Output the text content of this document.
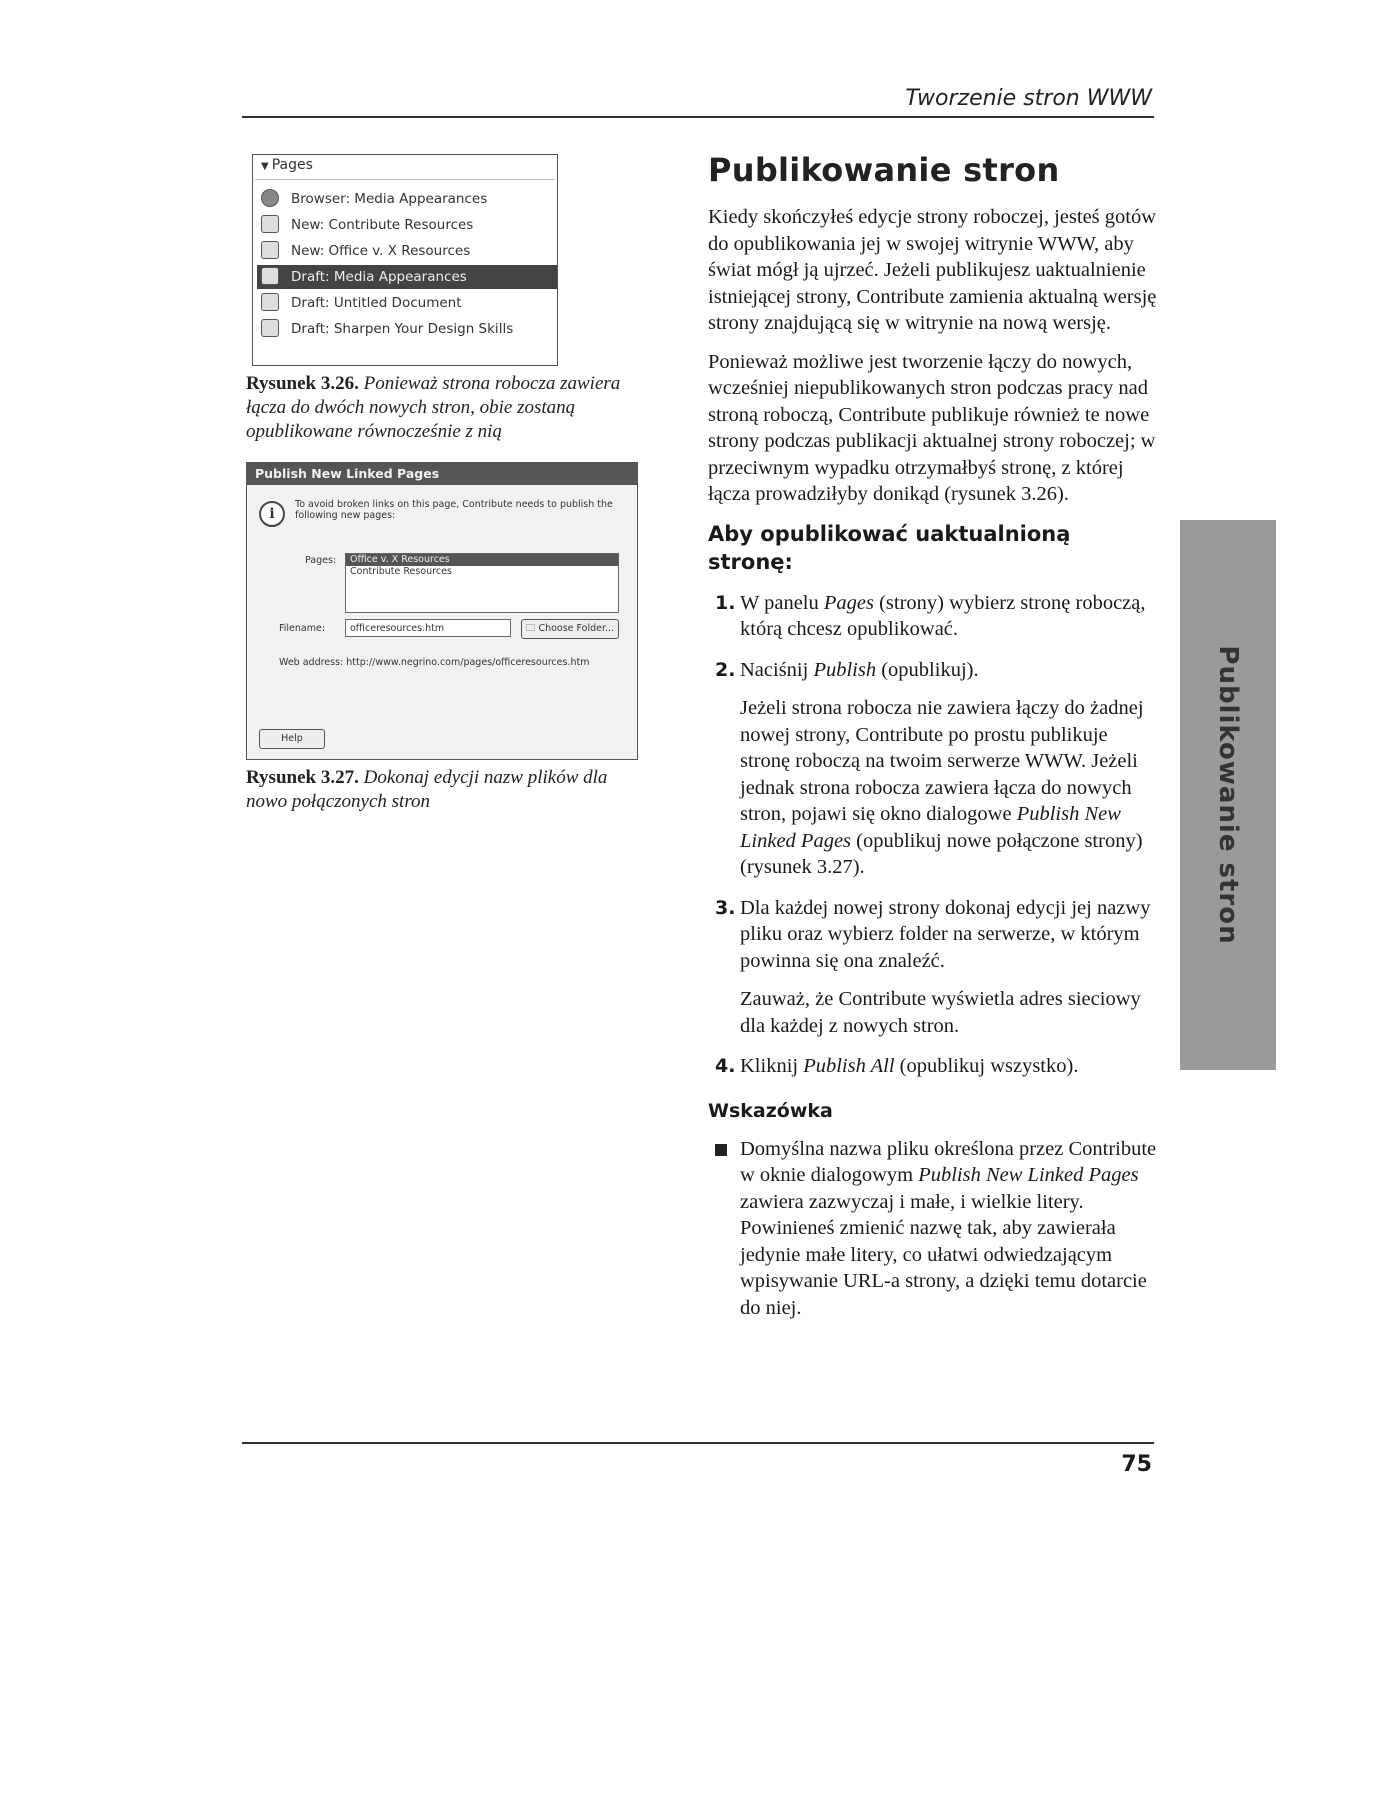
Tworzenie stron WWW
▼ Pages
Browser: Media Appearances
New: Contribute Resources
New: Office v. X Resources
Draft: Media Appearances
Draft: Untitled Document
Draft: Sharpen Your Design Skills
Rysunek 3.26. Ponieważ strona robocza zawiera łącza do dwóch nowych stron, obie zostaną opublikowane równocześnie z nią
Publish New Linked Pages
i
To avoid broken links on this page, Contribute needs to publish the following new pages:
Pages:	Office v. X Resources
Contribute Resources
Filename:	officeresources.htm	🗀 Choose Folder...
Web address: http://www.negrino.com/pages/officeresources.htm
Help
Rysunek 3.27. Dokonaj edycji nazw plików dla nowo połączonych stron
Publikowanie stron

Kiedy skończyłeś edycje strony roboczej, jesteś gotów do opublikowania jej w swojej witrynie WWW, aby świat mógł ją ujrzeć. Jeżeli publikujesz uaktualnienie istniejącej strony, Contribute zamienia aktualną wersję strony znajdującą się w witrynie na nową wersję.

Ponieważ możliwe jest tworzenie łączy do nowych, wcześniej niepublikowanych stron podczas pracy nad stroną roboczą, Contribute publikuje również te nowe strony podczas publikacji aktualnej strony roboczej; w przeciwnym wypadku otrzymałbyś stronę, z której łącza prowadziłyby donikąd (rysunek 3.26).

Aby opublikować uaktualnioną stronę:
1. W panelu Pages (strony) wybierz stronę roboczą, którą chcesz opublikować.

2. Naciśnij Publish (opublikuj).

Jeżeli strona robocza nie zawiera łączy do żadnej nowej strony, Contribute po prostu publikuje stronę roboczą na twoim serwerze WWW. Jeżeli jednak strona robocza zawiera łącza do nowych stron, pojawi się okno dialogowe Publish New Linked Pages (opublikuj nowe połączone strony) (rysunek 3.27).

3. Dla każdej nowej strony dokonaj edycji jej nazwy pliku oraz wybierz folder na serwerze, w którym powinna się ona znaleźć.

Zauważ, że Contribute wyświetla adres sieciowy dla każdej z nowych stron.

4. Kliknij Publish All (opublikuj wszystko).

Wskazówka

Domyślna nazwa pliku określona przez Contribute w oknie dialogowym Publish New Linked Pages zawiera zazwyczaj i małe, i wielkie litery. Powinieneś zmienić nazwę tak, aby zawierała jedynie małe litery, co ułatwi odwiedzającym wpisywanie URL-a strony, a dzięki temu dotarcie do niej.

Publikowanie stron
75
